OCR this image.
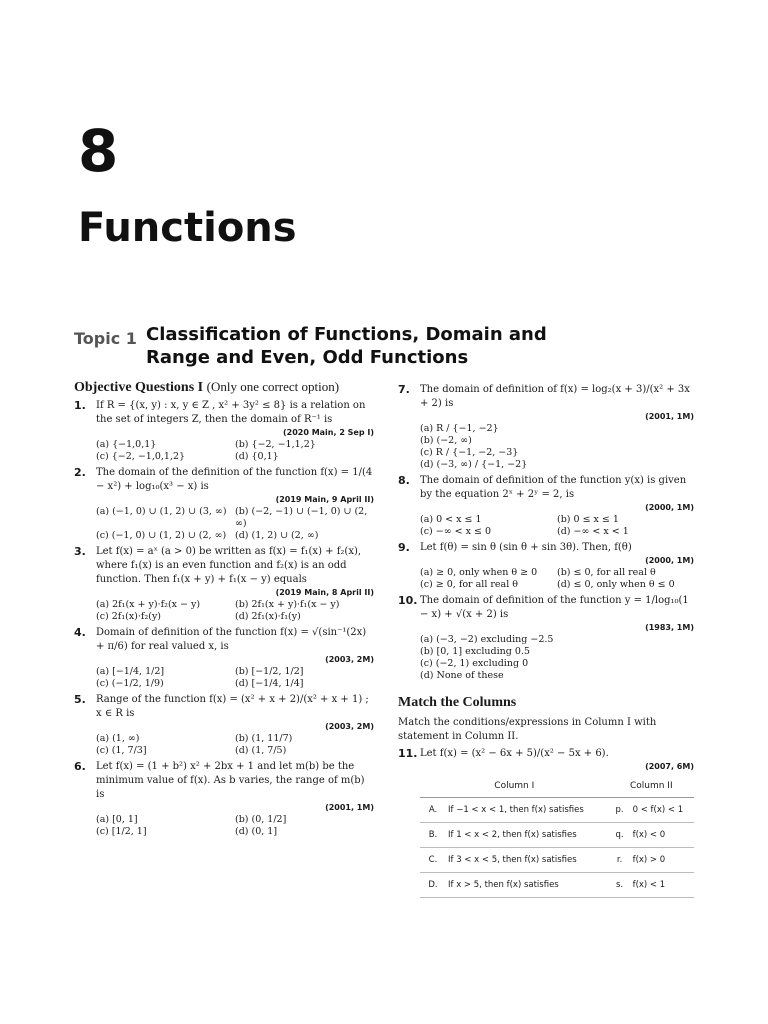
8
Functions
Topic 1 Classification of Functions, Domain and Range and Even, Odd Functions
Objective Questions I (Only one correct option)
1. If R = {(x, y) : x, y ∈ Z , x² + 3y² ≤ 8} is a relation on the set of integers Z, then the domain of R⁻¹ is
(2020 Main, 2 Sep I)
(a) {−1,0,1}	(b) {−2, −1,1,2}
(c) {−2, −1,0,1,2}	(d) {0,1}
2. The domain of the definition of the function f(x) = 1/(4 − x²) + log₁₀(x³ − x) is
(2019 Main, 9 April II)
(a) (−1, 0) ∪ (1, 2) ∪ (3, ∞) (b) (−2, −1) ∪ (−1, 0) ∪ (2, ∞)
(c) (−1, 0) ∪ (1, 2) ∪ (2, ∞) (d) (1, 2) ∪ (2, ∞)
3. Let f(x) = aˣ (a > 0) be written as f(x) = f₁(x) + f₂(x), where f₁(x) is an even function and f₂(x) is an odd function. Then f₁(x + y) + f₁(x − y) equals
(2019 Main, 8 April II)
(a) 2f₁(x + y)·f₂(x − y)	(b) 2f₁(x + y)·f₁(x − y)
(c) 2f₁(x)·f₂(y)	(d) 2f₁(x)·f₁(y)
4. Domain of definition of the function f(x) = √(sin⁻¹(2x) + π/6) for real valued x, is
(2003, 2M)
(a) [−1/4, 1/2]	(b) [−1/2, 1/2]
(c) (−1/2, 1/9)	(d) [−1/4, 1/4]
5. Range of the function f(x) = (x² + x + 2)/(x² + x + 1) ; x ∈ R is
(2003, 2M)
(a) (1, ∞)	(b) (1, 11/7)
(c) (1, 7/3]	(d) (1, 7/5)
6. Let f(x) = (1 + b²) x² + 2bx + 1 and let m(b) be the minimum value of f(x). As b varies, the range of m(b) is
(2001, 1M)
(a) [0, 1]	(b) (0, 1/2]
(c) [1/2, 1]	(d) (0, 1]
7. The domain of definition of f(x) = log₂(x + 3)/(x² + 3x + 2) is
(2001, 1M)
(a) R / {−1, −2}
(b) (−2, ∞)
(c) R / {−1, −2, −3}
(d) (−3, ∞) / {−1, −2}
8. The domain of definition of the function y(x) is given by the equation 2ˣ + 2ʸ = 2, is
(2000, 1M)
(a) 0 < x ≤ 1	(b) 0 ≤ x ≤ 1
(c) −∞ < x ≤ 0	(d) −∞ < x < 1
9. Let f(θ) = sin θ (sin θ + sin 3θ). Then, f(θ)
(2000, 1M)
(a) ≥ 0, only when θ ≥ 0	(b) ≤ 0, for all real θ
(c) ≥ 0, for all real θ	(d) ≤ 0, only when θ ≤ 0
10. The domain of definition of the function y = 1/log₁₀(1 − x) + √(x + 2) is
(1983, 1M)
(a) (−3, −2) excluding −2.5
(b) [0, 1] excluding 0.5
(c) (−2, 1) excluding 0
(d) None of these
Match the Columns
Match the conditions/expressions in Column I with statement in Column II.
11. Let f(x) = (x² − 6x + 5)/(x² − 5x + 6).
(2007, 6M)
Column I		Column II	
A.	If −1 < x < 1, then f(x) satisfies	p.	0 < f(x) < 1
B.	If 1 < x < 2, then f(x) satisfies	q.	f(x) < 0
C.	If 3 < x < 5, then f(x) satisfies	r.	f(x) > 0
D.	If x > 5, then f(x) satisfies	s.	f(x) < 1
